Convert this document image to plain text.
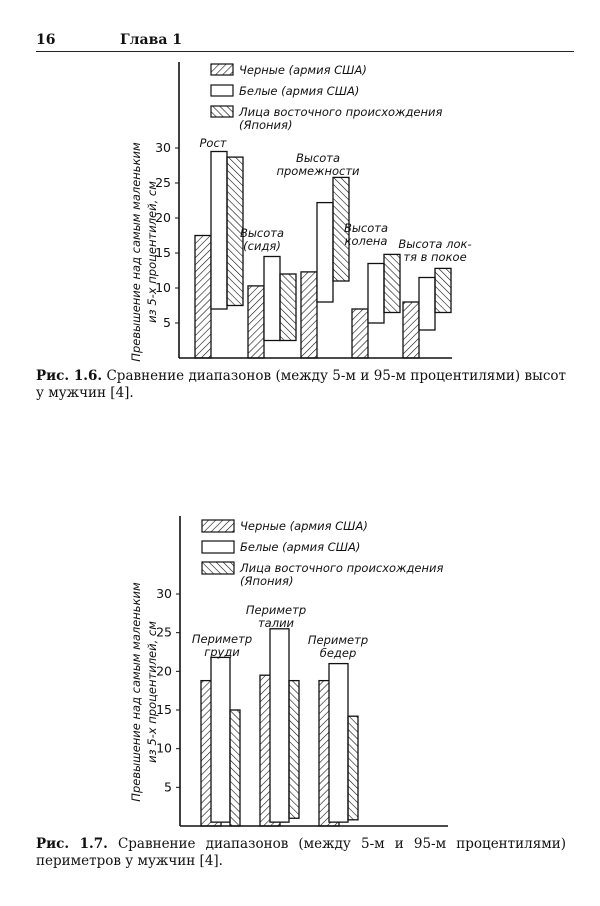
16	Глава 1
5
10
15
20
25
30
Превышение над самым маленьким из 5-х процентилей, см
Черные (армия США)
Белые (армия США)
Лица восточного происхождения
(Япония)
Рост
Высота
(сидя)
Высота
промежности
Высота
колена Высота лок-
тя в покое
5
10
15
20
25
30
Превышение над самым маленьким из 5-х процентилей, см
Черные (армия США)
Белые (армия США)
Лица восточного происхождения
(Япония)
Периметр
груди
Периметр
талии
Периметр
бедер
Рис. 1.6. Сравнение диапазонов (между 5-м и 95-м процентилями) высот у мужчин [4].
Рис. 1.7. Сравнение диапазонов (между 5-м и 95-м процентилями) периметров у мужчин [4].
